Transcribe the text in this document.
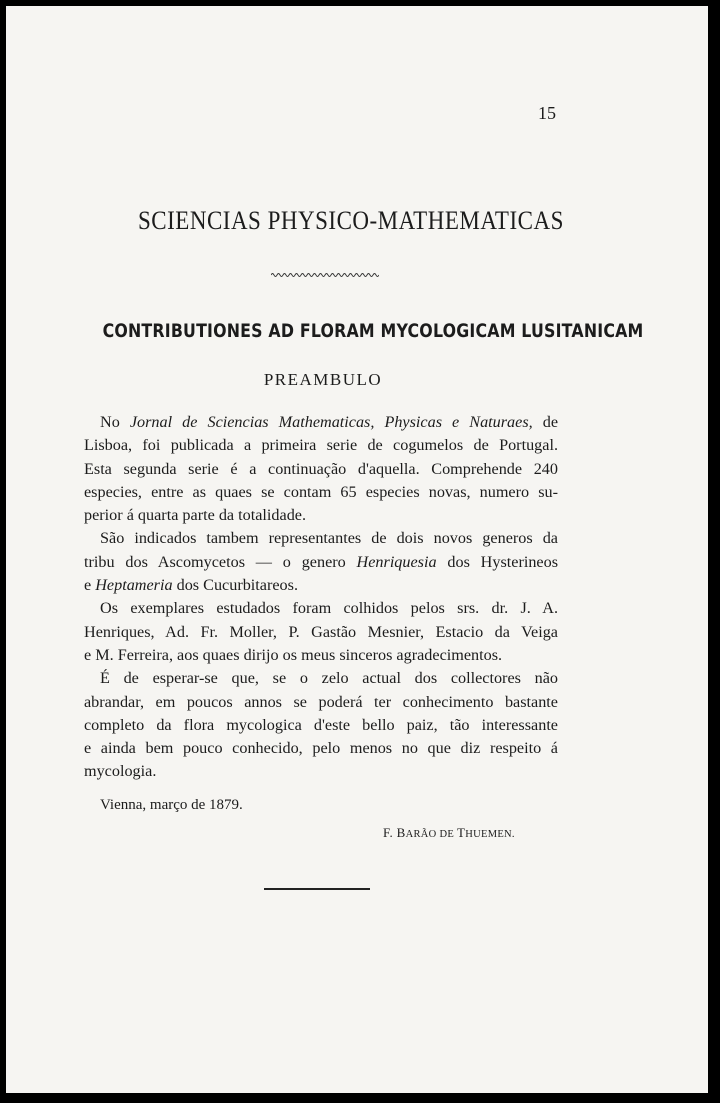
15
SCIENCIAS PHYSICO-MATHEMATICAS
CONTRIBUTIONES AD FLORAM MYCOLOGICAM LUSITANICAM
PREAMBULO
No Jornal de Sciencias Mathematicas, Physicas e Naturaes, de
Lisboa, foi publicada a primeira serie de cogumelos de Portugal.
Esta segunda serie é a continuação d'aquella. Comprehende 240
especies, entre as quaes se contam 65 especies novas, numero su-
perior á quarta parte da totalidade.
São indicados tambem representantes de dois novos generos da
tribu dos Ascomycetos — o genero Henriquesia dos Hysterineos
e Heptameria dos Cucurbitareos.
Os exemplares estudados foram colhidos pelos srs. dr. J. A.
Henriques, Ad. Fr. Moller, P. Gastão Mesnier, Estacio da Veiga
e M. Ferreira, aos quaes dirijo os meus sinceros agradecimentos.
É de esperar-se que, se o zelo actual dos collectores não
abrandar, em poucos annos se poderá ter conhecimento bastante
completo da flora mycologica d'este bello paiz, tão interessante
e ainda bem pouco conhecido, pelo menos no que diz respeito á
mycologia.
Vienna, março de 1879.
F. BARÃO DE THUEMEN.
